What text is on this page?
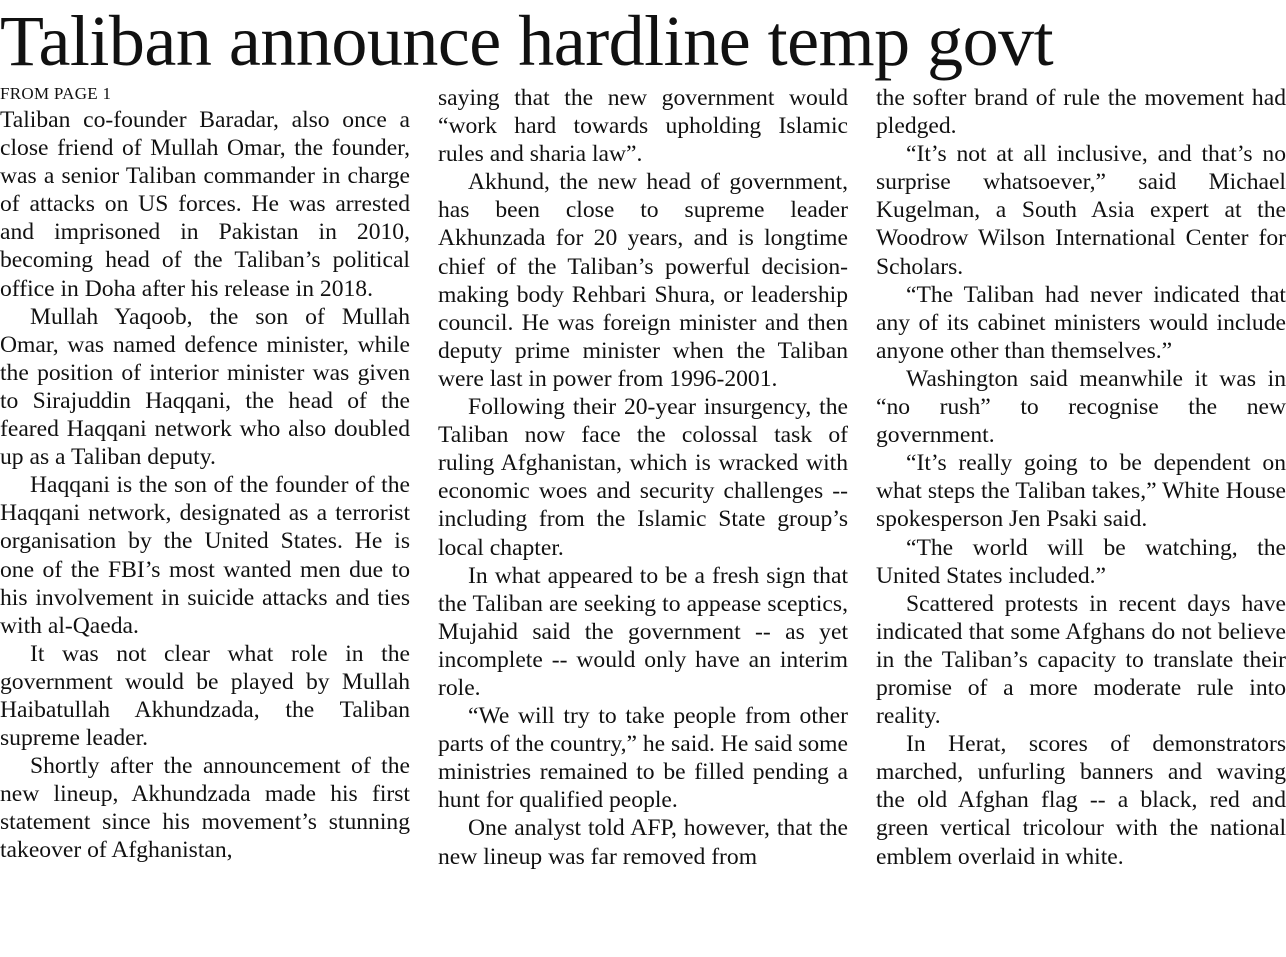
Taliban announce hardline temp govt
FROM PAGE 1

Taliban co-founder Baradar, also once a close friend of Mullah Omar, the founder, was a senior Taliban commander in charge of attacks on US forces. He was arrested and imprisoned in Pakistan in 2010, becoming head of the Taliban’s political office in Doha after his release in 2018.

Mullah Yaqoob, the son of Mullah Omar, was named defence minister, while the position of interior minister was given to Sirajuddin Haqqani, the head of the feared Haqqani network who also doubled up as a Taliban deputy.

Haqqani is the son of the founder of the Haqqani network, designated as a terrorist organisation by the United States. He is one of the FBI’s most wanted men due to his involvement in suicide attacks and ties with al-Qaeda.

It was not clear what role in the government would be played by Mullah Haibatullah Akhundzada, the Taliban supreme leader.

Shortly after the announcement of the new lineup, Akhundzada made his first statement since his movement’s stunning takeover of Afghanistan,

saying that the new government would “work hard towards upholding Islamic rules and sharia law”.

Akhund, the new head of government, has been close to supreme leader Akhunzada for 20 years, and is longtime chief of the Taliban’s powerful decision-making body Rehbari Shura, or leadership council. He was foreign minister and then deputy prime minister when the Taliban were last in power from 1996-2001.

Following their 20-year insurgency, the Taliban now face the colossal task of ruling Afghanistan, which is wracked with economic woes and security challenges -- including from the Islamic State group’s local chapter.

In what appeared to be a fresh sign that the Taliban are seeking to appease sceptics, Mujahid said the government -- as yet incomplete -- would only have an interim role.

“We will try to take people from other parts of the country,” he said. He said some ministries remained to be filled pending a hunt for qualified people.

One analyst told AFP, however, that the new lineup was far removed from

the softer brand of rule the movement had pledged.

“It’s not at all inclusive, and that’s no surprise whatsoever,” said Michael Kugelman, a South Asia expert at the Woodrow Wilson International Center for Scholars.

“The Taliban had never indicated that any of its cabinet ministers would include anyone other than themselves.”

Washington said meanwhile it was in “no rush” to recognise the new government.

“It’s really going to be dependent on what steps the Taliban takes,” White House spokesperson Jen Psaki said.

“The world will be watching, the United States included.”

Scattered protests in recent days have indicated that some Afghans do not believe in the Taliban’s capacity to translate their promise of a more moderate rule into reality.

In Herat, scores of demonstrators marched, unfurling banners and waving the old Afghan flag -- a black, red and green vertical tricolour with the national emblem overlaid in white.
